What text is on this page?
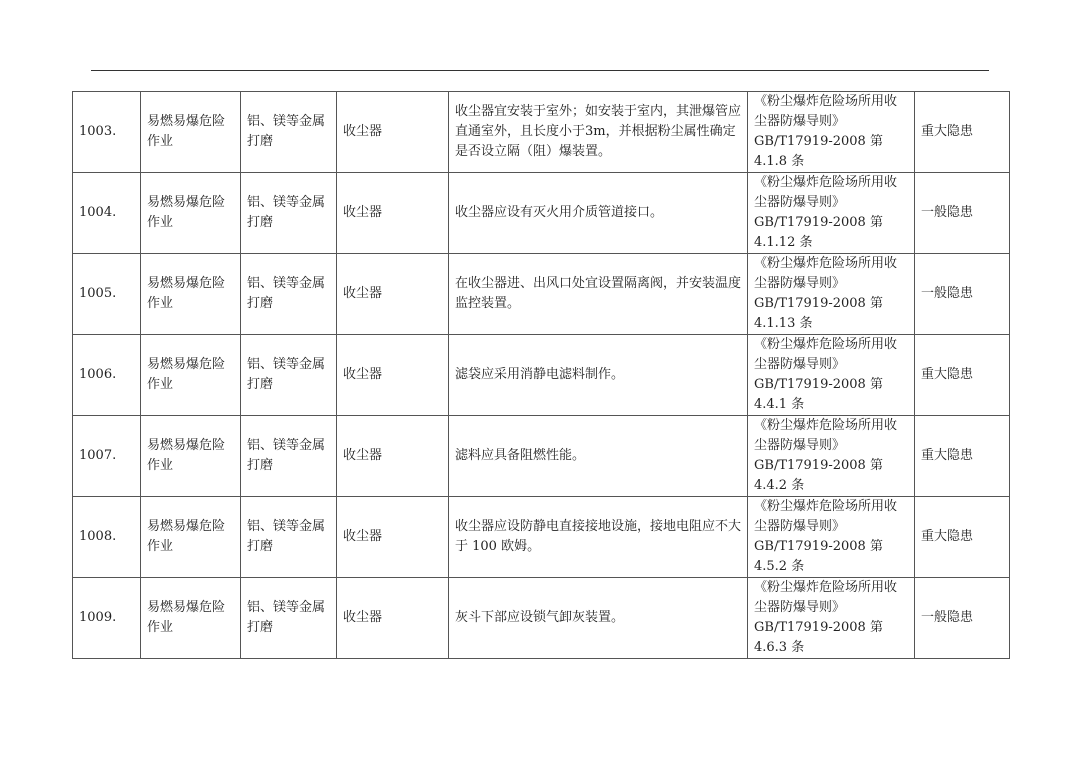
1003.	易燃易爆危险作业	铝、镁等金属打磨	收尘器	收尘器宜安装于室外；如安装于室内，其泄爆管应直通室外，且长度小于3m，并根据粉尘属性确定是否设立隔（阻）爆装置。	《粉尘爆炸危险场所用收尘器防爆导则》GB/T17919-2008 第 4.1.8 条	重大隐患
1004.	易燃易爆危险作业	铝、镁等金属打磨	收尘器	收尘器应设有灭火用介质管道接口。	《粉尘爆炸危险场所用收尘器防爆导则》GB/T17919-2008 第 4.1.12 条	一般隐患
1005.	易燃易爆危险作业	铝、镁等金属打磨	收尘器	在收尘器进、出风口处宜设置隔离阀，并安装温度监控装置。	《粉尘爆炸危险场所用收尘器防爆导则》GB/T17919-2008 第 4.1.13 条	一般隐患
1006.	易燃易爆危险作业	铝、镁等金属打磨	收尘器	滤袋应采用消静电滤料制作。	《粉尘爆炸危险场所用收尘器防爆导则》GB/T17919-2008 第 4.4.1 条	重大隐患
1007.	易燃易爆危险作业	铝、镁等金属打磨	收尘器	滤料应具备阻燃性能。	《粉尘爆炸危险场所用收尘器防爆导则》GB/T17919-2008 第 4.4.2 条	重大隐患
1008.	易燃易爆危险作业	铝、镁等金属打磨	收尘器	收尘器应设防静电直接接地设施，接地电阻应不大于 100 欧姆。	《粉尘爆炸危险场所用收尘器防爆导则》GB/T17919-2008 第 4.5.2 条	重大隐患
1009.	易燃易爆危险作业	铝、镁等金属打磨	收尘器	灰斗下部应设锁气卸灰装置。	《粉尘爆炸危险场所用收尘器防爆导则》GB/T17919-2008 第 4.6.3 条	一般隐患
